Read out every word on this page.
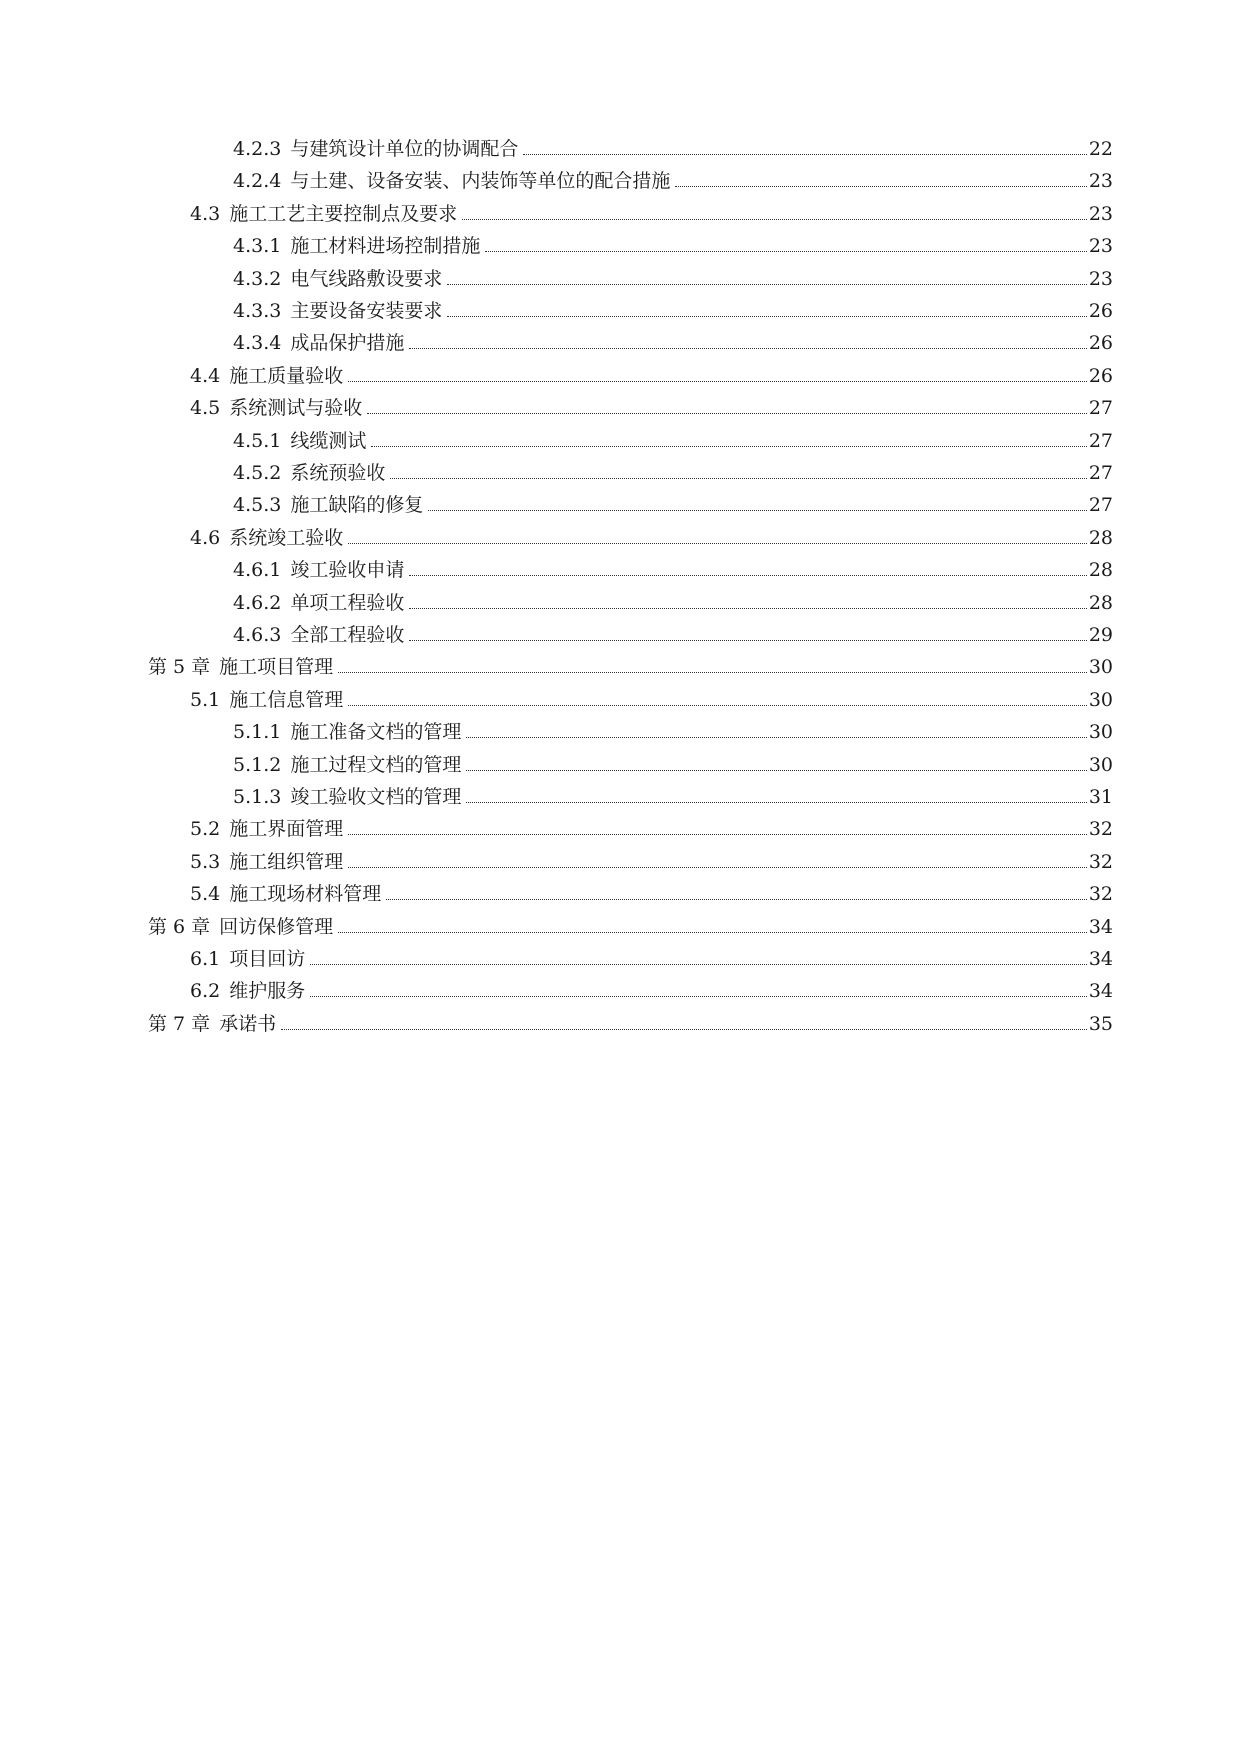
4.2.3 与建筑设计单位的协调配合	22
4.2.4 与土建、设备安装、内装饰等单位的配合措施	23
4.3 施工工艺主要控制点及要求	23
4.3.1 施工材料进场控制措施	23
4.3.2 电气线路敷设要求	23
4.3.3 主要设备安装要求	26
4.3.4 成品保护措施	26
4.4 施工质量验收	26
4.5 系统测试与验收	27
4.5.1 线缆测试	27
4.5.2 系统预验收	27
4.5.3 施工缺陷的修复	27
4.6 系统竣工验收	28
4.6.1 竣工验收申请	28
4.6.2 单项工程验收	28
4.6.3 全部工程验收	29
第 5 章 施工项目管理	30
5.1 施工信息管理	30
5.1.1 施工准备文档的管理	30
5.1.2 施工过程文档的管理	30
5.1.3 竣工验收文档的管理	31
5.2 施工界面管理	32
5.3 施工组织管理	32
5.4 施工现场材料管理	32
第 6 章 回访保修管理	34
6.1 项目回访	34
6.2 维护服务	34
第 7 章 承诺书	35
